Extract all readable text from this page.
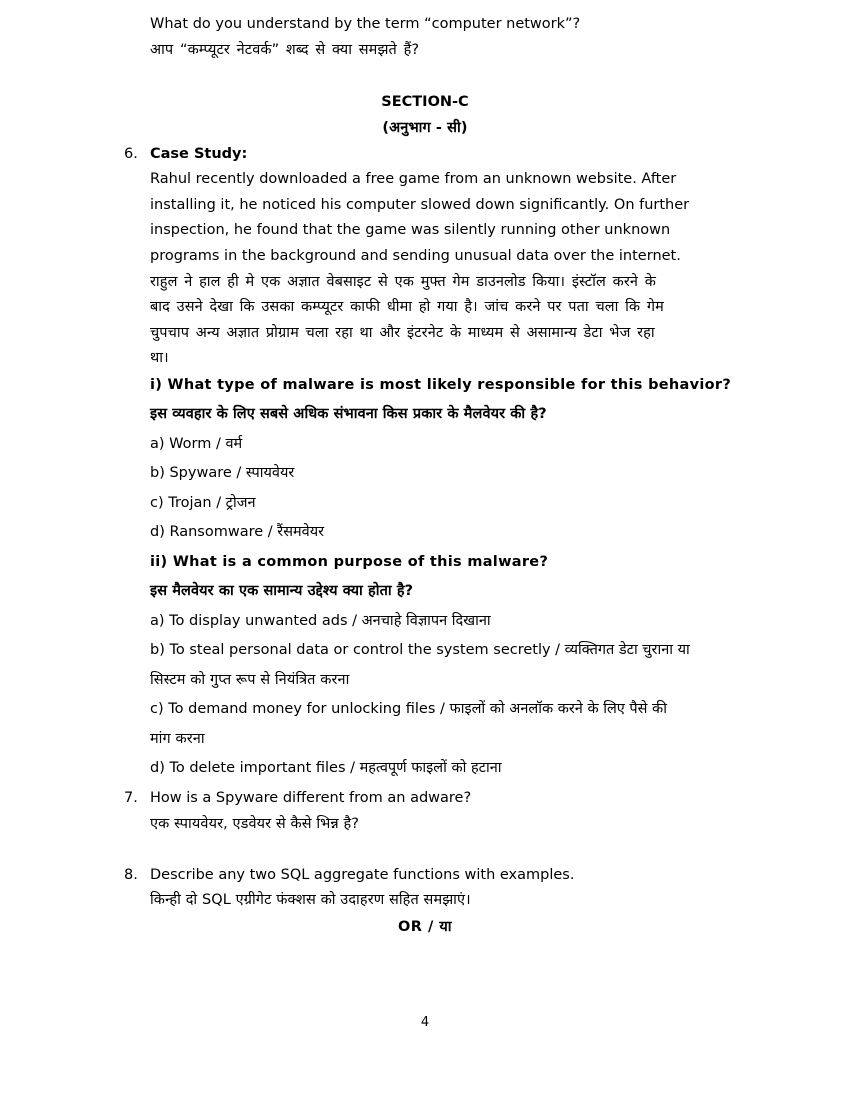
What do you understand by the term “computer network”?
आप “कम्प्यूटर नेटवर्क” शब्द से क्या समझते हैं?
SECTION-C
(अनुभाग - सी)
6. Case Study:
Rahul recently downloaded a free game from an unknown website. After
installing it, he noticed his computer slowed down significantly. On further
inspection, he found that the game was silently running other unknown
programs in the background and sending unusual data over the internet.
राहुल ने हाल ही मे एक अज्ञात वेबसाइट से एक मुफ्त गेम डाउनलोड किया। इंस्टॉल करने के
बाद उसने देखा कि उसका कम्प्यूटर काफी धीमा हो गया है। जांच करने पर पता चला कि गेम
चुपचाप अन्य अज्ञात प्रोग्राम चला रहा था और इंटरनेट के माध्यम से असामान्य डेटा भेज रहा
था।
i) What type of malware is most likely responsible for this behavior?
इस व्यवहार के लिए सबसे अधिक संभावना किस प्रकार के मैलवेयर की है?
a) Worm / वर्म
b) Spyware / स्पायवेयर
c) Trojan / ट्रोजन
d) Ransomware / रैंसमवेयर
ii) What is a common purpose of this malware?
इस मैलवेयर का एक सामान्य उद्देश्य क्या होता है?
a) To display unwanted ads / अनचाहे विज्ञापन दिखाना
b) To steal personal data or control the system secretly / व्यक्तिगत डेटा चुराना या
सिस्टम को गुप्त रूप से नियंत्रित करना
c) To demand money for unlocking files / फाइलों को अनलॉक करने के लिए पैसे की
मांग करना
d) To delete important files / महत्वपूर्ण फाइलों को हटाना
7. How is a Spyware different from an adware?
एक स्पायवेयर, एडवेयर से कैसे भिन्न है?
8. Describe any two SQL aggregate functions with examples.
किन्ही दो SQL एग्रीगेट फंक्शस को उदाहरण सहित समझाएं।
OR / या
4
